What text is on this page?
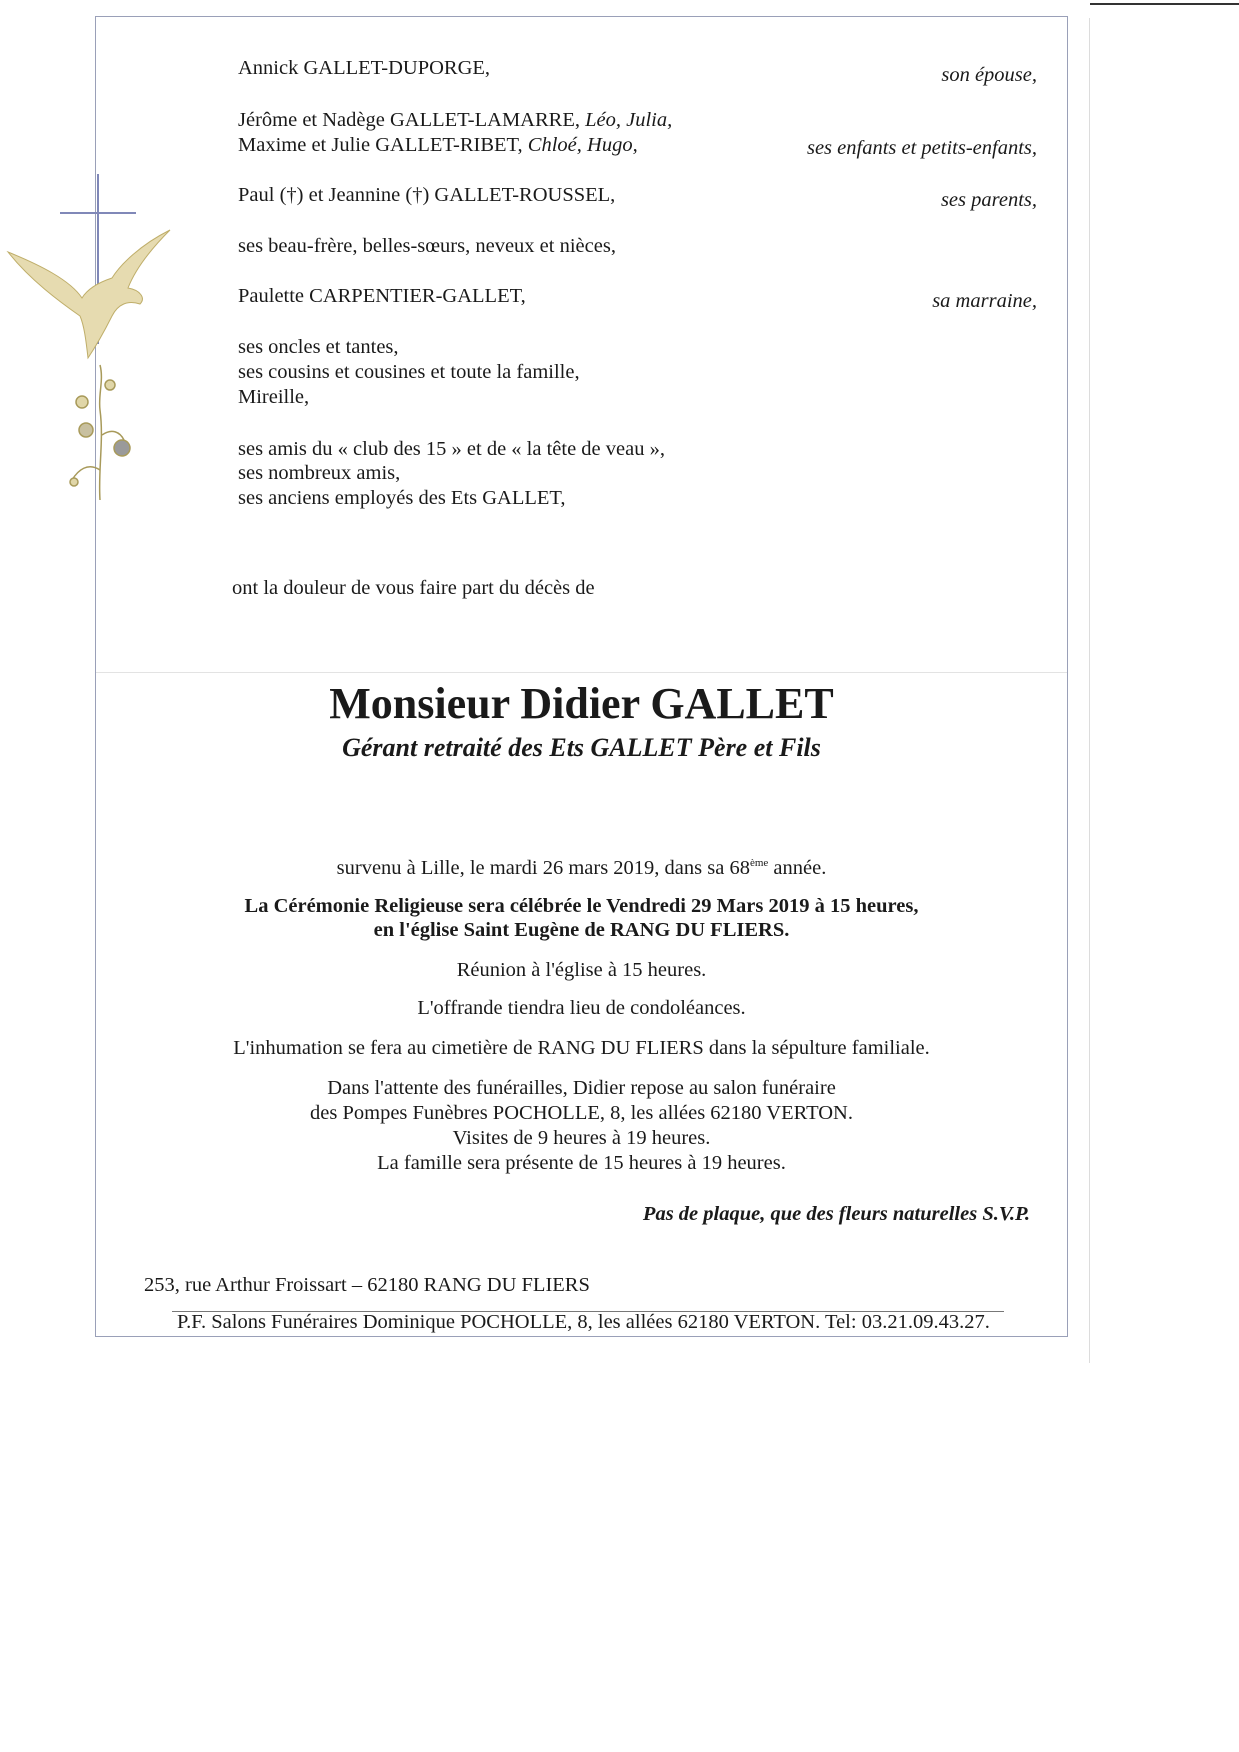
Annick GALLET-DUPORGE,	son épouse,
Jérôme et Nadège GALLET-LAMARRE, Léo, Julia,
Maxime et Julie GALLET-RIBET, Chloé, Hugo,	ses enfants et petits-enfants,
Paul (†) et Jeannine (†) GALLET-ROUSSEL,	ses parents,
ses beau-frère, belles-sœurs, neveux et nièces,
Paulette CARPENTIER-GALLET,	sa marraine,
ses oncles et tantes,
ses cousins et cousines et toute la famille,
Mireille,
ses amis du « club des 15 » et de « la tête de veau »,
ses nombreux amis,
ses anciens employés des Ets GALLET,
ont la douleur de vous faire part du décès de
Monsieur Didier GALLET
Gérant retraité des Ets GALLET Père et Fils
survenu à Lille, le mardi 26 mars 2019, dans sa 68ème année.
La Cérémonie Religieuse sera célébrée le Vendredi 29 Mars 2019 à 15 heures,
en l'église Saint Eugène de RANG DU FLIERS.
Réunion à l'église à 15 heures.
L'offrande tiendra lieu de condoléances.
L'inhumation se fera au cimetière de RANG DU FLIERS dans la sépulture familiale.
Dans l'attente des funérailles, Didier repose au salon funéraire
des Pompes Funèbres POCHOLLE, 8, les allées 62180 VERTON.
Visites de 9 heures à 19 heures.
La famille sera présente de 15 heures à 19 heures.
Pas de plaque, que des fleurs naturelles S.V.P.
253, rue Arthur Froissart – 62180 RANG DU FLIERS
P.F. Salons Funéraires Dominique POCHOLLE, 8, les allées 62180 VERTON. Tel: 03.21.09.43.27.
